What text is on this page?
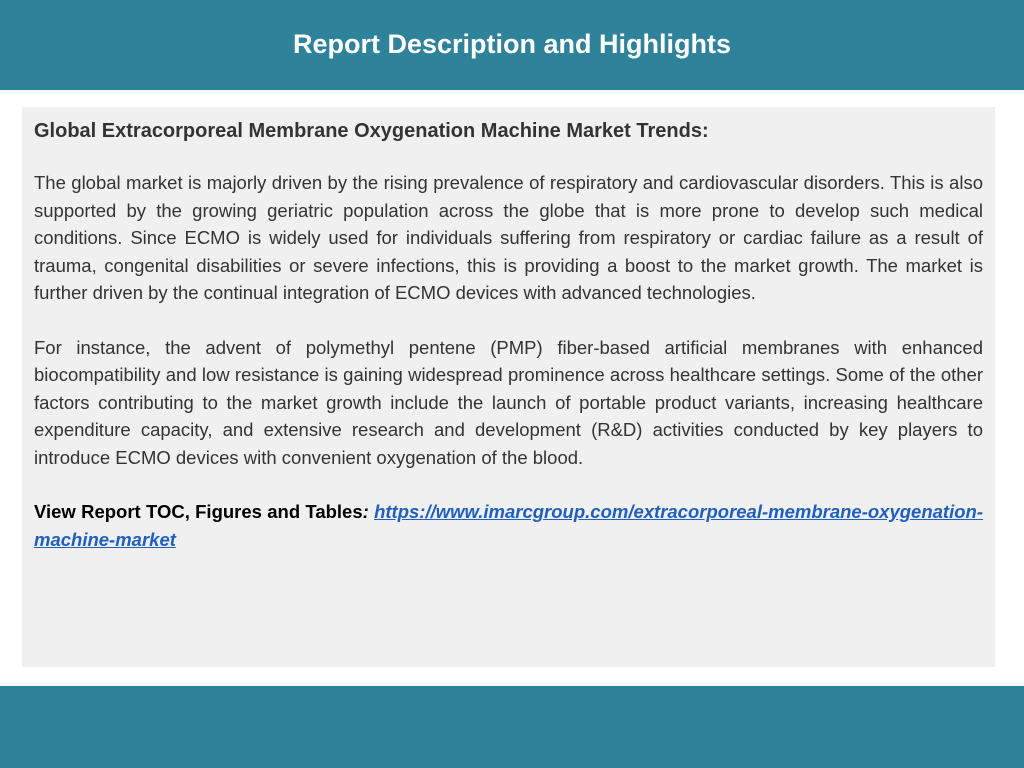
Report Description and Highlights
Global Extracorporeal Membrane Oxygenation Machine Market Trends:

The global market is majorly driven by the rising prevalence of respiratory and cardiovascular disorders. This is also supported by the growing geriatric population across the globe that is more prone to develop such medical conditions. Since ECMO is widely used for individuals suffering from respiratory or cardiac failure as a result of trauma, congenital disabilities or severe infections, this is providing a boost to the market growth. The market is further driven by the continual integration of ECMO devices with advanced technologies.

For instance, the advent of polymethyl pentene (PMP) fiber-based artificial membranes with enhanced biocompatibility and low resistance is gaining widespread prominence across healthcare settings. Some of the other factors contributing to the market growth include the launch of portable product variants, increasing healthcare expenditure capacity, and extensive research and development (R&D) activities conducted by key players to introduce ECMO devices with convenient oxygenation of the blood.

View Report TOC, Figures and Tables: https://www.imarcgroup.com/extracorporeal-membrane-oxygenation-machine-market
